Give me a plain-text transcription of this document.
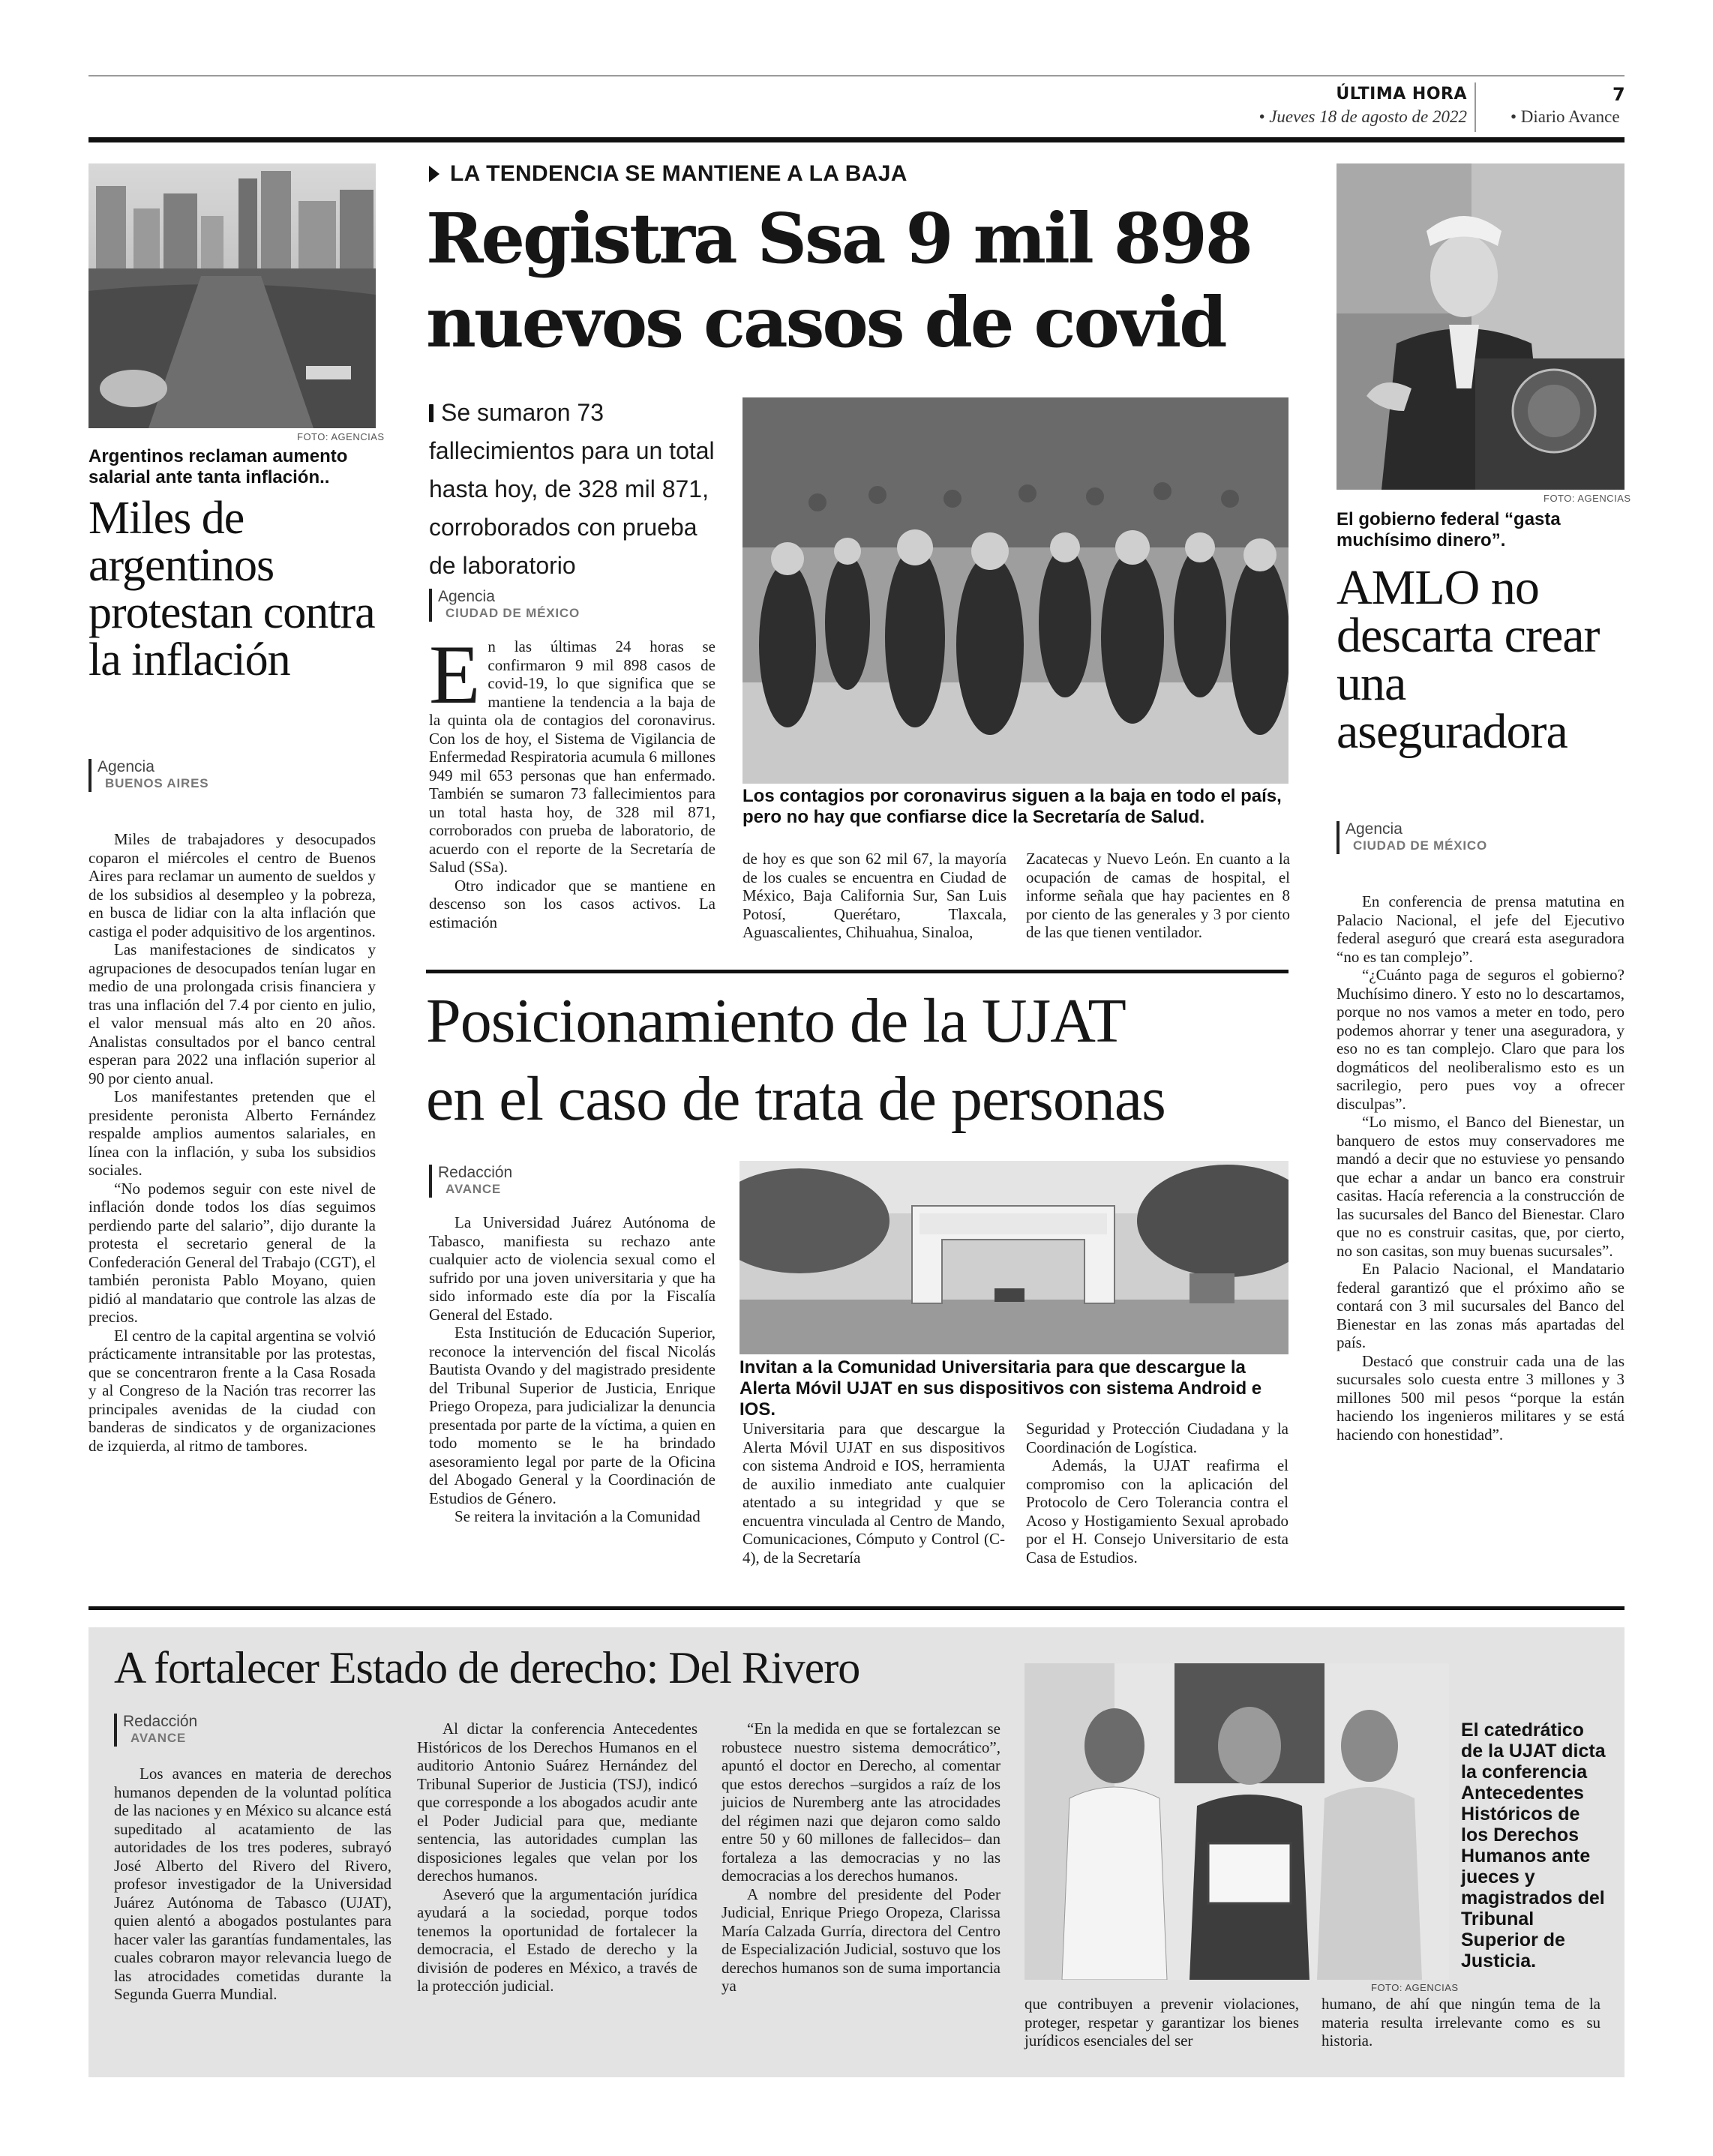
ÚLTIMA HORA
• Jueves 18 de agosto de 2022
7
• Diario Avance
FOTO: AGENCIAS
Argentinos reclaman aumento salarial ante tanta inflación..
Miles de argentinos protestan contra la inflación
Agencia
BUENOS AIRES

Miles de trabajadores y desocupados coparon el miércoles el centro de Buenos Aires para reclamar un aumento de sueldos y de los subsidios al desempleo y la pobreza, en busca de lidiar con la alta inflación que castiga el poder adquisitivo de los argentinos.

Las manifestaciones de sindicatos y agrupaciones de desocupados tenían lugar en medio de una prolongada crisis financiera y tras una inflación del 7.4 por ciento en julio, el valor mensual más alto en 20 años. Analistas consultados por el banco central esperan para 2022 una inflación superior al 90 por ciento anual.

Los manifestantes pretenden que el presidente peronista Alberto Fernández respalde amplios aumentos salariales, en línea con la inflación, y suba los subsidios sociales.

“No podemos seguir con este nivel de inflación donde todos los días seguimos perdiendo parte del salario”, dijo durante la protesta el secretario general de la Confederación General del Trabajo (CGT), el también peronista Pablo Moyano, quien pidió al mandatario que controle las alzas de precios.

El centro de la capital argentina se volvió prácticamente intransitable por las protestas, que se concentraron frente a la Casa Rosada y al Congreso de la Nación tras recorrer las principales avenidas de la ciudad con banderas de sindicatos y de organizaciones de izquierda, al ritmo de tambores.

LA TENDENCIA SE MANTIENE A LA BAJA
Registra Ssa 9 mil 898
nuevos casos de covid
Se sumaron 73 fallecimientos para un total hasta hoy, de 328 mil 871, corroborados con prueba de laboratorio
Agencia
CIUDAD DE MÉXICO
Los contagios por coronavirus siguen a la baja en todo el país, pero no hay que confiarse dice la Secretaría de Salud.
E n las últimas 24 horas se confirmaron 9 mil 898 casos de covid-19, lo que significa que se mantiene la tendencia a la baja de la quinta ola de contagios del coronavirus. Con los de hoy, el Sistema de Vigilancia de Enfermedad Respiratoria acumula 6 millones 949 mil 653 personas que han enfermado. También se sumaron 73 fallecimientos para un total hasta hoy, de 328 mil 871, corroborados con prueba de laboratorio, de acuerdo con el reporte de la Secretaría de Salud (SSa).

Otro indicador que se mantiene en descenso son los casos activos. La estimación

de hoy es que son 62 mil 67, la mayoría de los cuales se encuentra en Ciudad de México, Baja California Sur, San Luis Potosí, Querétaro, Tlaxcala, Aguascalientes, Chihuahua, Sinaloa,

Zacatecas y Nuevo León. En cuanto a la ocupación de camas de hospital, el informe señala que hay pacientes en 8 por ciento de las generales y 3 por ciento de las que tienen ventilador.

Posicionamiento de la UJAT
en el caso de trata de personas
Redacción
AVANCE
Invitan a la Comunidad Universitaria para que descargue la Alerta Móvil UJAT en sus dispositivos con sistema Android e IOS.

La Universidad Juárez Autónoma de Tabasco, manifiesta su rechazo ante cualquier acto de violencia sexual como el sufrido por una joven universitaria y que ha sido informado este día por la Fiscalía General del Estado.

Esta Institución de Educación Superior, reconoce la intervención del fiscal Nicolás Bautista Ovando y del magistrado presidente del Tribunal Superior de Justicia, Enrique Priego Oropeza, para judicializar la denuncia presentada por parte de la víctima, a quien en todo momento se le ha brindado asesoramiento legal por parte de la Oficina del Abogado General y la Coordinación de Estudios de Género.

Se reitera la invitación a la Comunidad

Universitaria para que descargue la Alerta Móvil UJAT en sus dispositivos con sistema Android e IOS, herramienta de auxilio inmediato ante cualquier atentado a su integridad y que se encuentra vinculada al Centro de Mando, Comunicaciones, Cómputo y Control (C-4), de la Secretaría

Seguridad y Protección Ciudadana y la Coordinación de Logística.

Además, la UJAT reafirma el compromiso con la aplicación del Protocolo de Cero Tolerancia contra el Acoso y Hostigamiento Sexual aprobado por el H. Consejo Universitario de esta Casa de Estudios.

FOTO: AGENCIAS
El gobierno federal “gasta muchísimo dinero”.
AMLO no descarta crear una aseguradora
Agencia
CIUDAD DE MÉXICO

En conferencia de prensa matutina en Palacio Nacional, el jefe del Ejecutivo federal aseguró que creará esta aseguradora “no es tan complejo”.

“¿Cuánto paga de seguros el gobierno? Muchísimo dinero. Y esto no lo descartamos, porque no nos vamos a meter en todo, pero podemos ahorrar y tener una aseguradora, y eso no es tan complejo. Claro que para los dogmáticos del neoliberalismo esto es un sacrilegio, pero pues voy a ofrecer disculpas”.

“Lo mismo, el Banco del Bienestar, un banquero de estos muy conservadores me mandó a decir que no estuviese yo pensando que echar a andar un banco era construir casitas. Hacía referencia a la construcción de las sucursales del Banco del Bienestar. Claro que no es construir casitas, que, por cierto, no son casitas, son muy buenas sucursales”.

En Palacio Nacional, el Mandatario federal garantizó que el próximo año se contará con 3 mil sucursales del Banco del Bienestar en las zonas más apartadas del país.

Destacó que construir cada una de las sucursales solo cuesta entre 3 millones y 3 millones 500 mil pesos “porque la están haciendo los ingenieros militares y se está haciendo con honestidad”.

A fortalecer Estado de derecho: Del Rivero
Redacción
AVANCE

Los avances en materia de derechos humanos dependen de la voluntad política de las naciones y en México su alcance está supeditado al acatamiento de las autoridades de los tres poderes, subrayó José Alberto del Rivero del Rivero, profesor investigador de la Universidad Juárez Autónoma de Tabasco (UJAT), quien alentó a abogados postulantes para hacer valer las garantías fundamentales, las cuales cobraron mayor relevancia luego de las atrocidades cometidas durante la Segunda Guerra Mundial.

Al dictar la conferencia Antecedentes Históricos de los Derechos Humanos en el auditorio Antonio Suárez Hernández del Tribunal Superior de Justicia (TSJ), indicó que corresponde a los abogados acudir ante el Poder Judicial para que, mediante sentencia, las autoridades cumplan las disposiciones legales que velan por los derechos humanos.

Aseveró que la argumentación jurídica ayudará a la sociedad, porque todos tenemos la oportunidad de fortalecer la democracia, el Estado de derecho y la división de poderes en México, a través de la protección judicial.

“En la medida en que se fortalezcan se robustece nuestro sistema democrático”, apuntó el doctor en Derecho, al comentar que estos derechos –surgidos a raíz de los juicios de Nuremberg ante las atrocidades del régimen nazi que dejaron como saldo entre 50 y 60 millones de fallecidos– dan fortaleza a las democracias y no las democracias a los derechos humanos.

A nombre del presidente del Poder Judicial, Enrique Priego Oropeza, Clarissa María Calzada Gurría, directora del Centro de Especialización Judicial, sostuvo que los derechos humanos son de suma importancia ya	FOTO: AGENCIAS
El catedrático de la UJAT dicta la conferencia Antecedentes Históricos de los Derechos Humanos ante jueces y magistrados del Tribunal Superior de Justicia.

que contribuyen a prevenir violaciones, proteger, respetar y garantizar los bienes jurídicos esenciales del ser

humano, de ahí que ningún tema de la materia resulta irrelevante como es su historia.
